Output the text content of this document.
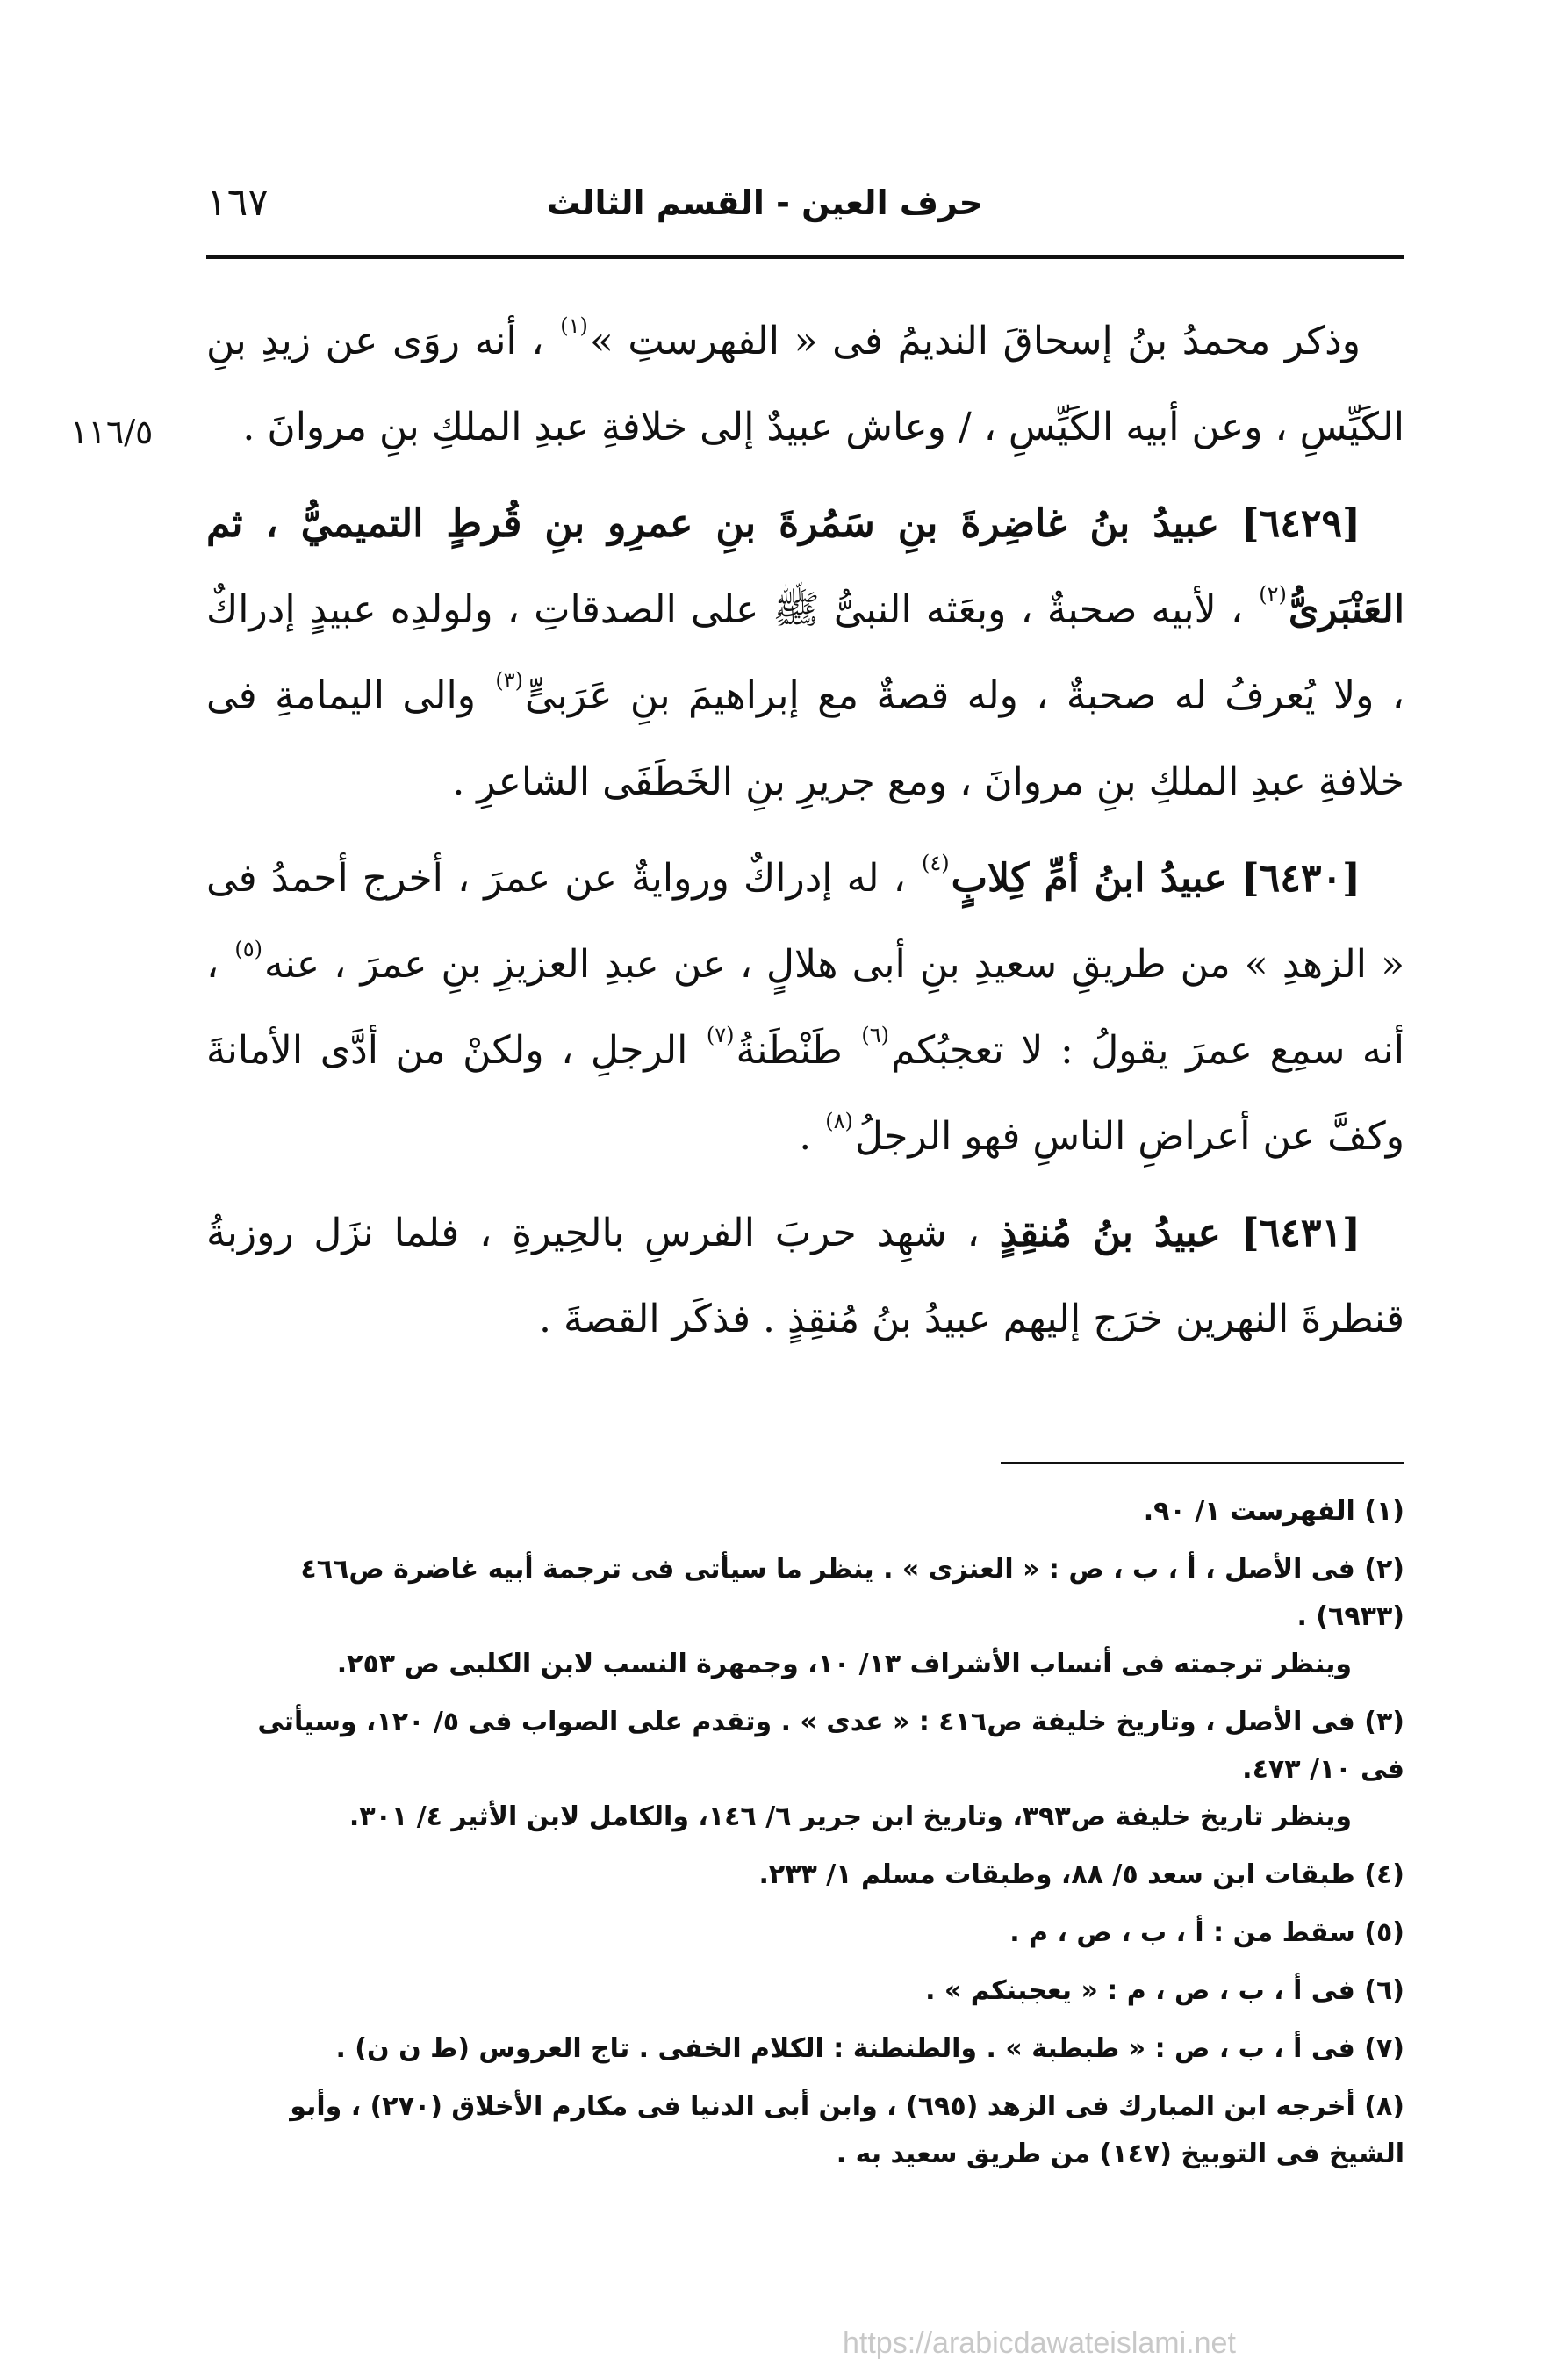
حرف العين - القسم الثالث
١٦٧
١١٦/٥

وذكر محمدُ بنُ إسحاقَ النديمُ فى « الفهرستِ »$^{(١)}$ ، أنه روَى عن زيدِ بنِ الكَيِّسِ ، وعن أبيه الكَيِّسِ ، / وعاش عبيدٌ إلى خلافةِ عبدِ الملكِ بنِ مروانَ .

[٦٤٢٩] عبيدُ بنُ غاضِرةَ بنِ سَمُرةَ بنِ عمرِو بنِ قُرطٍ التميميُّ ، ثم العَنْبَرىُّ$^{(٢)}$ ، لأبيه صحبةٌ ، وبعَثه النبىُّ ﷺ على الصدقاتِ ، ولولدِه عبيدٍ إدراكٌ ، ولا يُعرفُ له صحبةٌ ، وله قصةٌ مع إبراهيمَ بنِ عَرَبىٍّ$^{(٣)}$ والى اليمامةِ فى خلافةِ عبدِ الملكِ بنِ مروانَ ، ومع جريرِ بنِ الخَطَفَى الشاعرِ .

[٦٤٣٠] عبيدُ ابنُ أمِّ كِلابٍ$^{(٤)}$ ، له إدراكٌ وروايةٌ عن عمرَ ، أخرج أحمدُ فى « الزهدِ » من طريقِ سعيدِ بنِ أبى هلالٍ ، عن عبدِ العزيزِ بنِ عمرَ ، عنه$^{(٥)}$ ، أنه سمِع عمرَ يقولُ : لا تعجبُكم$^{(٦)}$ طَنْطَنةُ$^{(٧)}$ الرجلِ ، ولكنْ من أدَّى الأمانةَ وكفَّ عن أعراضِ الناسِ فهو الرجلُ$^{(٨)}$ .

[٦٤٣١] عبيدُ بنُ مُنقِذٍ ، شهِد حربَ الفرسِ بالحِيرةِ ، فلما نزَل روزبةُ قنطرةَ النهرين خرَج إليهم عبيدُ بنُ مُنقِذٍ . فذكَر القصةَ .

(١) الفهرست ١/ ٩٠.
(٢) فى الأصل ، أ ، ب ، ص : « العنزى » . ينظر ما سيأتى فى ترجمة أبيه غاضرة ص٤٦٦ (٦٩٣٣) .
وينظر ترجمته فى أنساب الأشراف ١٣/ ١٠، وجمهرة النسب لابن الكلبى ص ٢٥٣.
(٣) فى الأصل ، وتاريخ خليفة ص٤١٦ : « عدى » . وتقدم على الصواب فى ٥/ ١٢٠، وسيأتى فى ١٠/ ٤٧٣.
وينظر تاريخ خليفة ص٣٩٣، وتاريخ ابن جرير ٦/ ١٤٦، والكامل لابن الأثير ٤/ ٣٠١.
(٤) طبقات ابن سعد ٥/ ٨٨، وطبقات مسلم ١/ ٢٣٣.
(٥) سقط من : أ ، ب ، ص ، م .
(٦) فى أ ، ب ، ص ، م : « يعجبنكم » .
(٧) فى أ ، ب ، ص : « طبطبة » . والطنطنة : الكلام الخفى . تاج العروس (ط ن ن) .
(٨) أخرجه ابن المبارك فى الزهد (٦٩٥) ، وابن أبى الدنيا فى مكارم الأخلاق (٢٧٠) ، وأبو الشيخ فى التوبيخ (١٤٧) من طريق سعيد به .
https://arabicdawateislami.net
